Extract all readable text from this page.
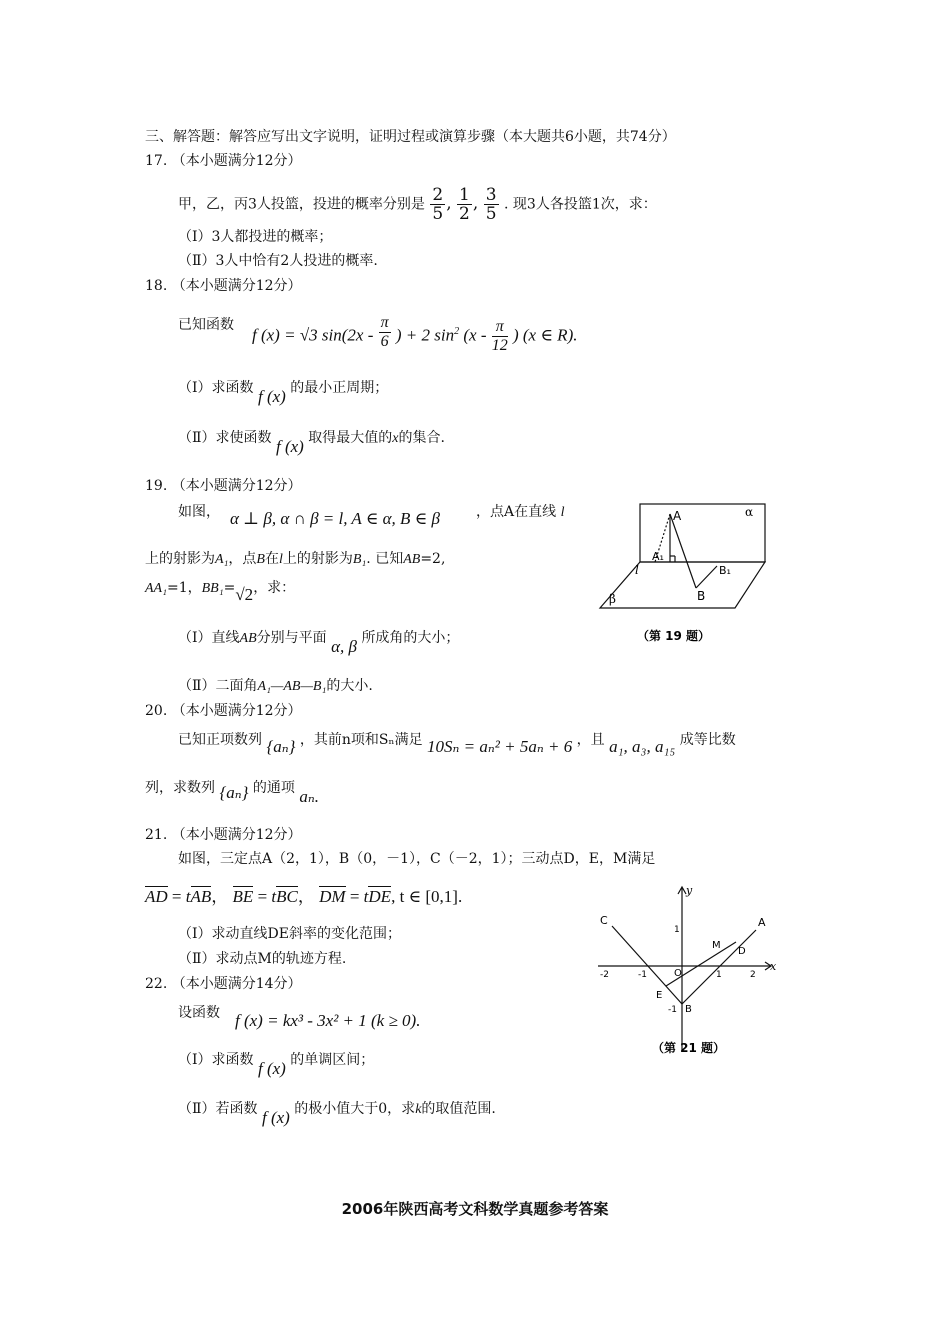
三、解答题：解答应写出文字说明，证明过程或演算步骤（本大题共6小题，共74分）
17. （本小题满分12分）
甲，乙，丙3人投篮，投进的概率分别是 $\frac{2}{5}$ , $\frac{1}{2}$ , $\frac{3}{5}$ . 现3人各投篮1次，求：
（Ⅰ）3人都投进的概率；
（Ⅱ）3人中恰有2人投进的概率.
18. （本小题满分12分）
已知函数
f (x) = √3 $\sin(2x - \frac{\pi}{6}$ ) + 2 $\sin^2 (x - \frac{\pi}{12}$ ) (x ∈ R).
（Ⅰ）求函数 f (x) 的最小正周期；
（Ⅱ）求使函数 f (x) 取得最大值的x的集合.
19. （本小题满分12分）
如图， α ⊥ β, α ∩ β = l, A ∈ α, B ∈ β	，点A在直线 l
上的射影为A₁，点B在l上的射影为B₁. 已知AB=2,
AA₁=1，BB₁=√2，求：
（Ⅰ）直线AB分别与平面 α, β 所成角的大小；
（Ⅱ）二面角A₁—AB—B₁的大小.
α
A
A₁
l	B₁
B
β
（第 19 题）
20. （本小题满分12分）
已知正项数列 {aₙ} ，其前n项和Sₙ满足 10Sₙ = aₙ² + 5aₙ + 6 ，且 a₁, a₃, a₁₅ 成等比数
列，求数列 {aₙ} 的通项 aₙ.
21. （本小题满分12分）
如图，三定点A（2，1），B（0，－1），C（－2，1）；三动点D，E，M满足
AD = tAB， BE = tBC， DM = tDE, t ∈ [0,1].
（Ⅰ）求动直线DE斜率的变化范围；
（Ⅱ）求动点M的轨迹方程.
y
x
C	A
M
D
E
B
O
-2	-1	1	2
1
-1
（第 21 题）
22. （本小题满分14分）
设函数 f (x) = kx³ - 3x² + 1 (k ≥ 0).
（Ⅰ）求函数 f (x) 的单调区间；
（Ⅱ）若函数 f (x) 的极小值大于0，求k的取值范围.
2006年陕西高考文科数学真题参考答案
